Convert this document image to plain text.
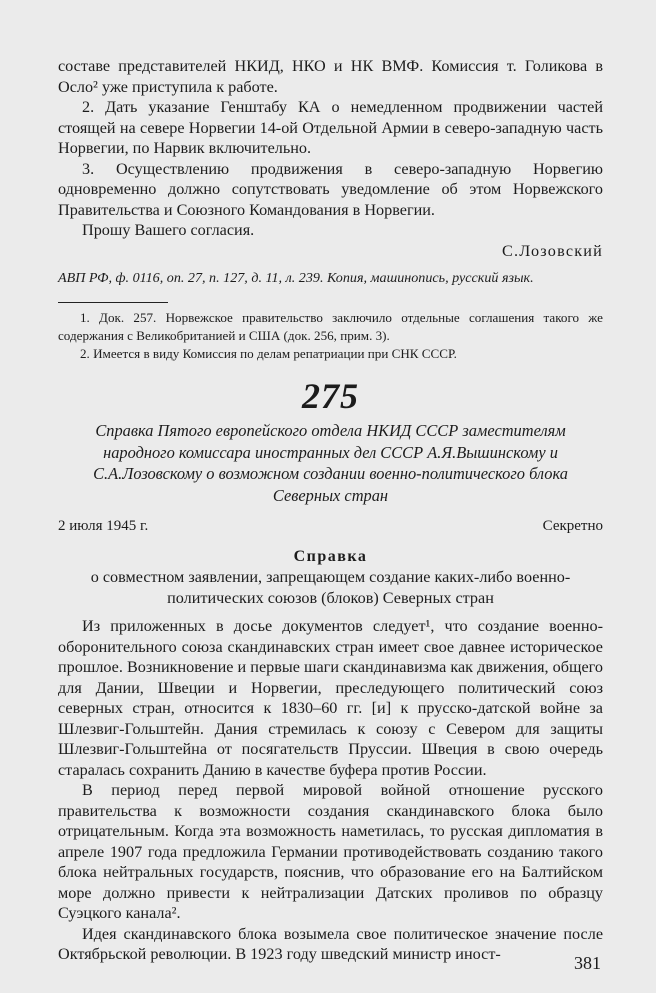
составе представителей НКИД, НКО и НК ВМФ. Комиссия т. Голикова в Осло² уже приступила к работе.

2. Дать указание Генштабу КА о немедленном продвижении частей стоящей на севере Норвегии 14-ой Отдельной Армии в северо-западную часть Норвегии, по Нарвик включительно.

3. Осуществлению продвижения в северо-западную Норвегию одновременно должно сопутствовать уведомление об этом Норвежского Правительства и Союзного Командования в Норвегии.

Прошу Вашего согласия.

С.Лозовский

АВП РФ, ф. 0116, оп. 27, п. 127, д. 11, л. 239. Копия, машинопись, русский язык.

1. Док. 257. Норвежское правительство заключило отдельные соглашения такого же содержания с Великобританией и США (док. 256, прим. 3).

2. Имеется в виду Комиссия по делам репатриации при СНК СССР.

275
Справка Пятого европейского отдела НКИД СССР заместителям народного комиссара иностранных дел СССР А.Я.Вышинскому и С.А.Лозовскому о возможном создании военно-политического блока Северных стран
2 июля 1945 г.	Секретно
Справка
о совместном заявлении, запрещающем создание каких-либо военно-политических союзов (блоков) Северных стран

Из приложенных в досье документов следует¹, что создание военно-оборонительного союза скандинавских стран имеет свое давнее историческое прошлое. Возникновение и первые шаги скандинавизма как движения, общего для Дании, Швеции и Норвегии, преследующего политический союз северных стран, относится к 1830–60 гг. [и] к прусско-датской войне за Шлезвиг-Гольштейн. Дания стремилась к союзу с Севером для защиты Шлезвиг-Гольштейна от посягательств Пруссии. Швеция в свою очередь старалась сохранить Данию в качестве буфера против России.

В период перед первой мировой войной отношение русского правительства к возможности создания скандинавского блока было отрицательным. Когда эта возможность наметилась, то русская дипломатия в апреле 1907 года предложила Германии противодействовать созданию такого блока нейтральных государств, пояснив, что образование его на Балтийском море должно привести к нейтрализации Датских проливов по образцу Суэцкого канала².

Идея скандинавского блока возымела свое политическое значение после Октябрьской революции. В 1923 году шведский министр иност-	381
